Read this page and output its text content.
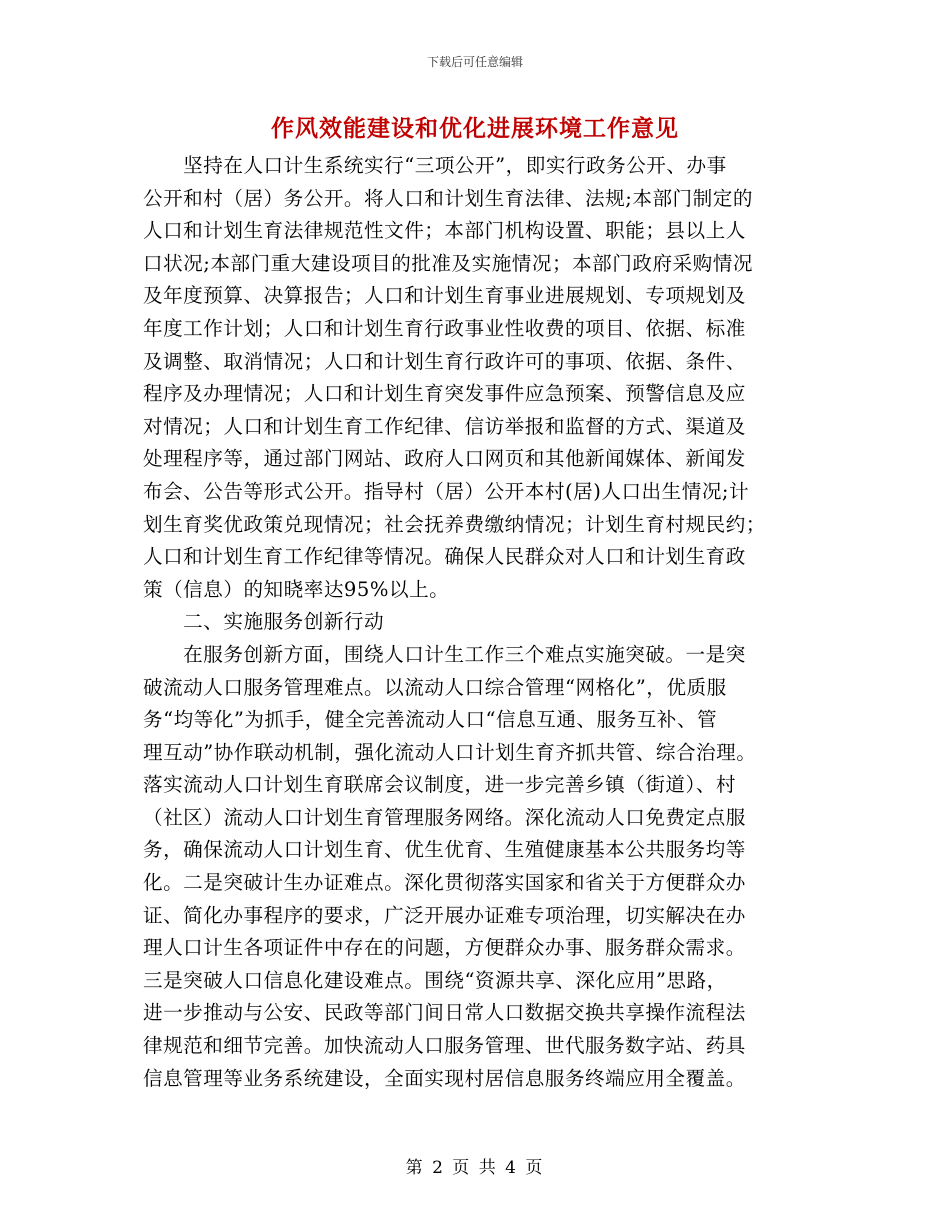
下载后可任意编辑
作风效能建设和优化进展环境工作意见
　　坚持在人口计生系统实行“三项公开”，即实行政务公开、办事
公开和村（居）务公开。将人口和计划生育法律、法规;本部门制定的
人口和计划生育法律规范性文件；本部门机构设置、职能；县以上人
口状况;本部门重大建设项目的批准及实施情况；本部门政府采购情况
及年度预算、决算报告；人口和计划生育事业进展规划、专项规划及
年度工作计划；人口和计划生育行政事业性收费的项目、依据、标准
及调整、取消情况；人口和计划生育行政许可的事项、依据、条件、
程序及办理情况；人口和计划生育突发事件应急预案、预警信息及应
对情况；人口和计划生育工作纪律、信访举报和监督的方式、渠道及
处理程序等，通过部门网站、政府人口网页和其他新闻媒体、新闻发
布会、公告等形式公开。指导村（居）公开本村(居)人口出生情况;计
划生育奖优政策兑现情况；社会抚养费缴纳情况；计划生育村规民约；
人口和计划生育工作纪律等情况。确保人民群众对人口和计划生育政
策（信息）的知晓率达95%以上。
　　二、实施服务创新行动
　　在服务创新方面，围绕人口计生工作三个难点实施突破。一是突
破流动人口服务管理难点。以流动人口综合管理“网格化”，优质服
务“均等化”为抓手，健全完善流动人口“信息互通、服务互补、管
理互动”协作联动机制，强化流动人口计划生育齐抓共管、综合治理。
落实流动人口计划生育联席会议制度，进一步完善乡镇（街道）、村
（社区）流动人口计划生育管理服务网络。深化流动人口免费定点服
务，确保流动人口计划生育、优生优育、生殖健康基本公共服务均等
化。二是突破计生办证难点。深化贯彻落实国家和省关于方便群众办
证、简化办事程序的要求，广泛开展办证难专项治理，切实解决在办
理人口计生各项证件中存在的问题，方便群众办事、服务群众需求。
三是突破人口信息化建设难点。围绕“资源共享、深化应用”思路，
进一步推动与公安、民政等部门间日常人口数据交换共享操作流程法
律规范和细节完善。加快流动人口服务管理、世代服务数字站、药具
信息管理等业务系统建设，全面实现村居信息服务终端应用全覆盖。
第 2 页 共 4 页
